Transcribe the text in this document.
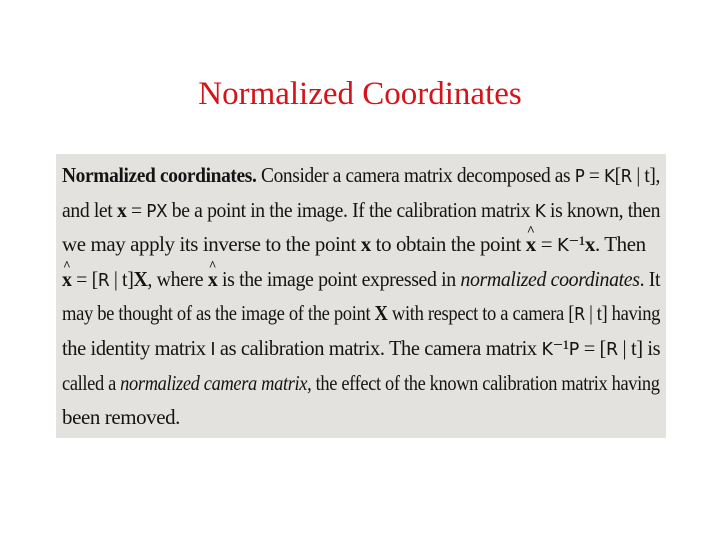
Normalized Coordinates
Normalized coordinates. Consider a camera matrix decomposed as P = K[R | t],
and let x = PX be a point in the image. If the calibration matrix K is known, then
we may apply its inverse to the point x to obtain the point x ^ = K⁻¹x. Then
x ^ = [R | t]X, where x ^ is the image point expressed in normalized coordinates. It
may be thought of as the image of the point X with respect to a camera [R | t] having
the identity matrix I as calibration matrix. The camera matrix K⁻¹P = [R | t] is
called a normalized camera matrix, the effect of the known calibration matrix having
been removed.
